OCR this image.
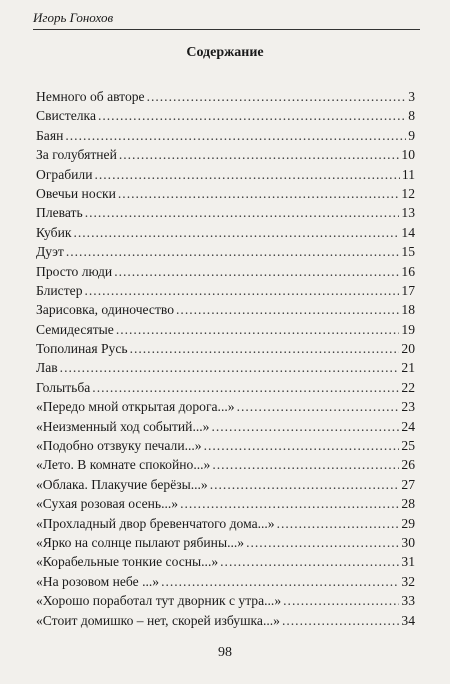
Игорь Гонохов
Содержание
Немного об авторе .....	3
Свистелка .....	8
Баян .....	9
За голубятней .....	10
Ограбили .....	11
Овечьи носки .....	12
Плевать .....	13
Кубик .....	14
Дуэт .....	15
Просто люди .....	16
Блистер .....	17
Зарисовка, одиночество .....	18
Семидесятые .....	19
Тополиная Русь .....	20
Лав .....	21
Голытьба .....	22
«Передо мной открытая дорога...» .....	23
«Неизменный ход событий...» .....	24
«Подобно отзвуку печали...» .....	25
«Лето. В комнате спокойно...» .....	26
«Облака. Плакучие берёзы...» .....	27
«Сухая розовая осень...» .....	28
«Прохладный двор бревенчатого дома...» .....	29
«Ярко на солнце пылают рябины...» .....	30
«Корабельные тонкие сосны...» .....	31
«На розовом небе ...» .....	32
«Хорошо поработал тут дворник с утра...» .....	33
«Стоит домишко – нет, скорей избушка...» .....	34
98
